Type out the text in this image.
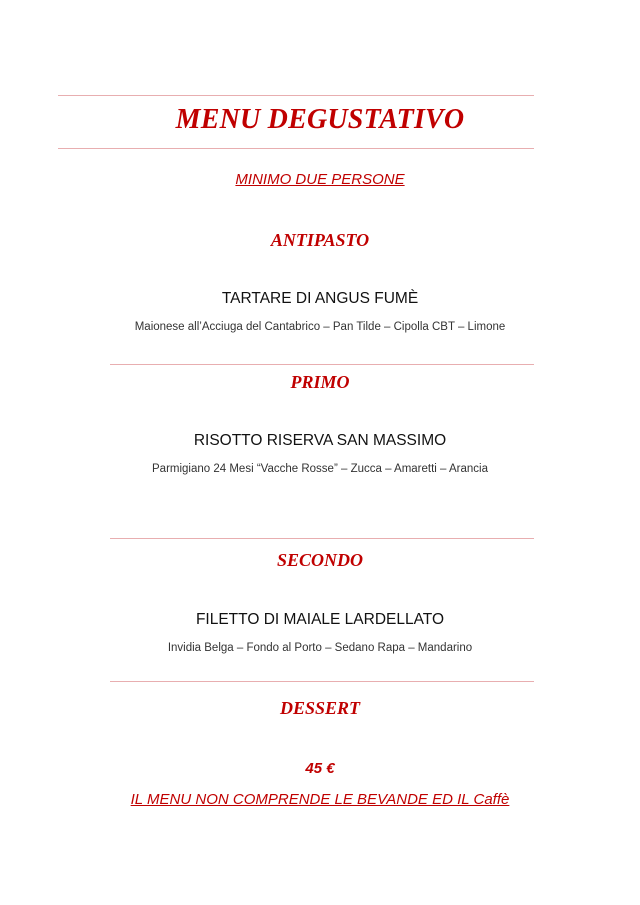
MENU DEGUSTATIVO
MINIMO DUE PERSONE
ANTIPASTO
TARTARE DI ANGUS FUMÈ
Maionese all’Acciuga del Cantabrico – Pan Tilde – Cipolla CBT – Limone
PRIMO
RISOTTO RISERVA SAN MASSIMO
Parmigiano 24 Mesi “Vacche Rosse” – Zucca – Amaretti – Arancia
SECONDO
FILETTO DI MAIALE LARDELLATO
Invidia Belga – Fondo al Porto – Sedano Rapa – Mandarino
DESSERT
45 €
IL MENU NON COMPRENDE LE BEVANDE ED IL Caffè
